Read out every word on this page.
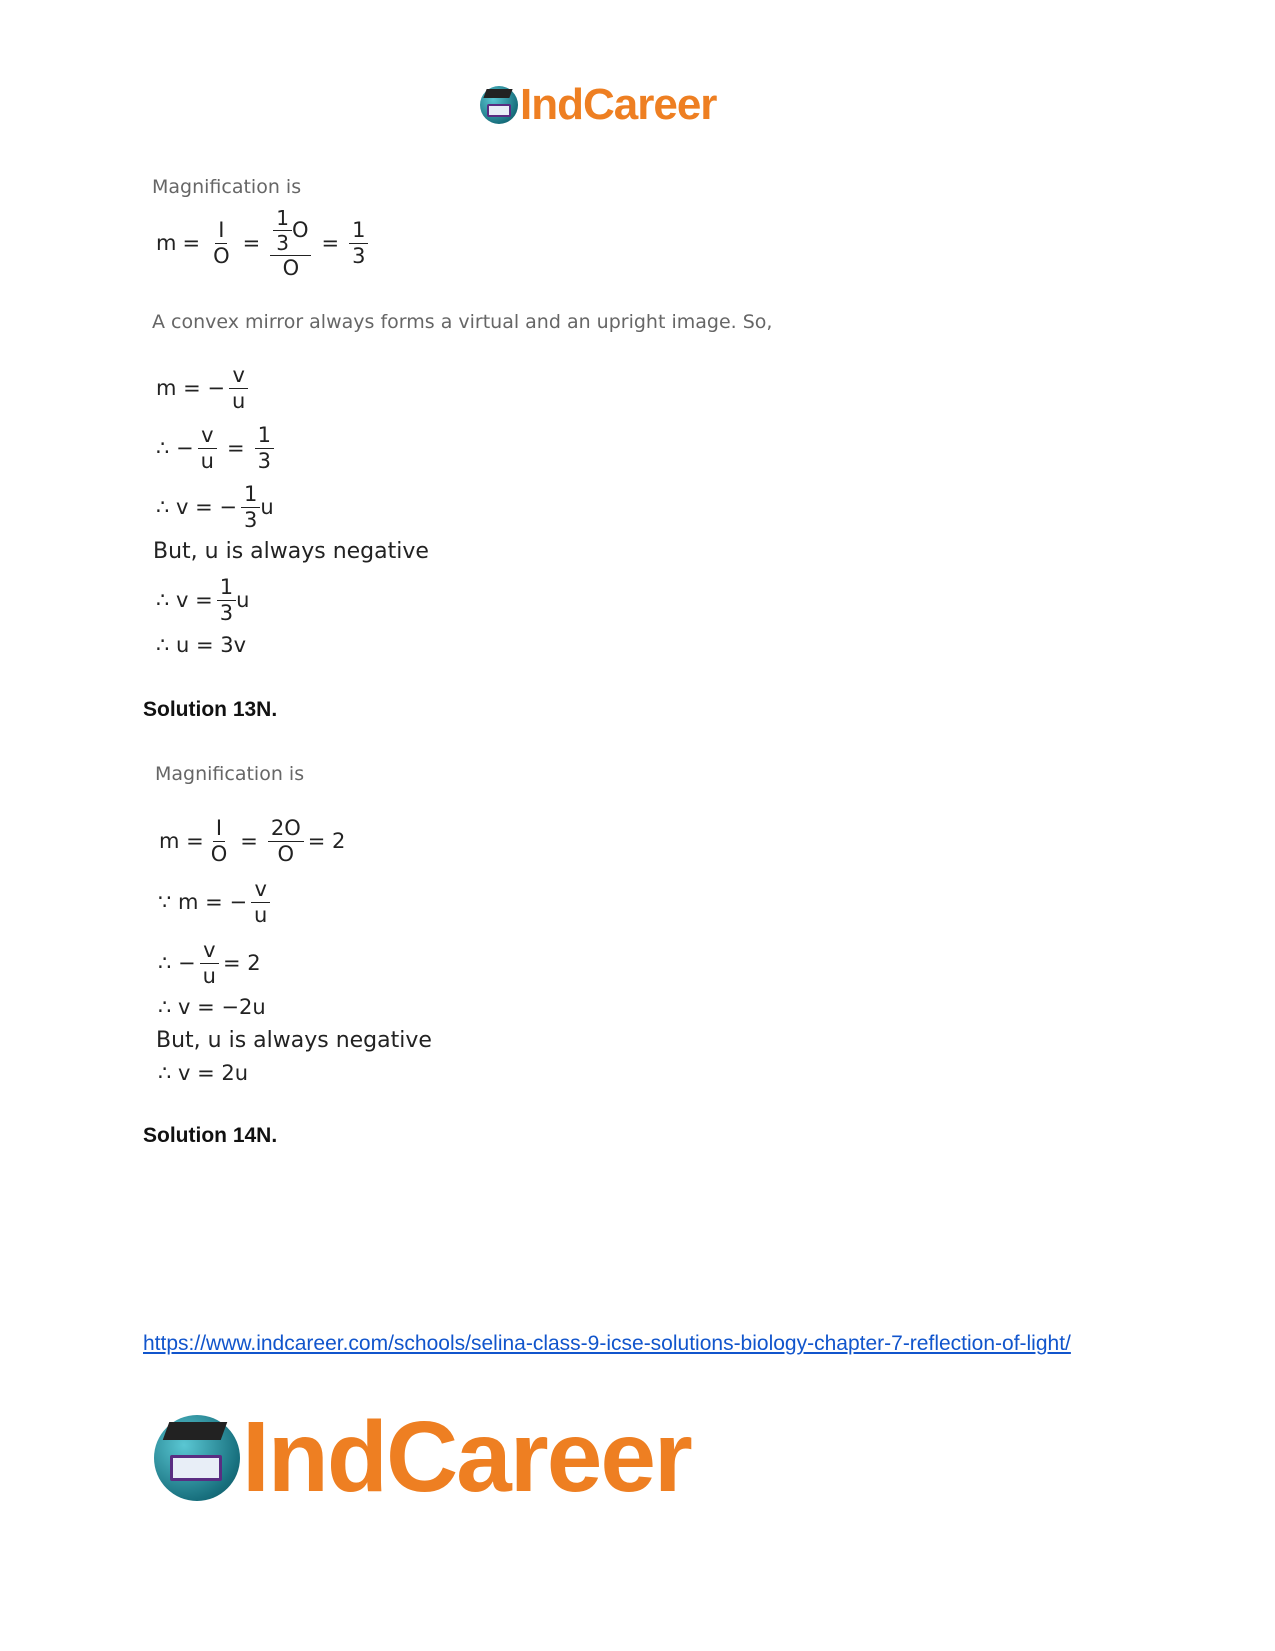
IndCareer
Magnification is
$m = \frac{I}{O} = \frac{\frac{1}{3} O}{O} = \frac{1}{3}$
A convex mirror always forms a virtual and an upright image. So,
m = − $\frac{v}{u}$
∴ − $\frac{v}{u} = \frac{1}{3}$
∴ v = − $\frac{1}{3}$ u
But, u is always negative
∴ $v = \frac{1}{3}$ u
∴ u = 3v
Solution 13N.
Magnification is
$m = \frac{I}{O} = \frac{2O}{O} = 2$
∵ m = − $\frac{v}{u}$
∴ − $\frac{v}{u} = 2$
∴ v = −2u
But, u is always negative
∴ v = 2u
Solution 14N.
https://www.indcareer.com/schools/selina-class-9-icse-solutions-biology-chapter-7-reflection-of-light/
IndCareer
